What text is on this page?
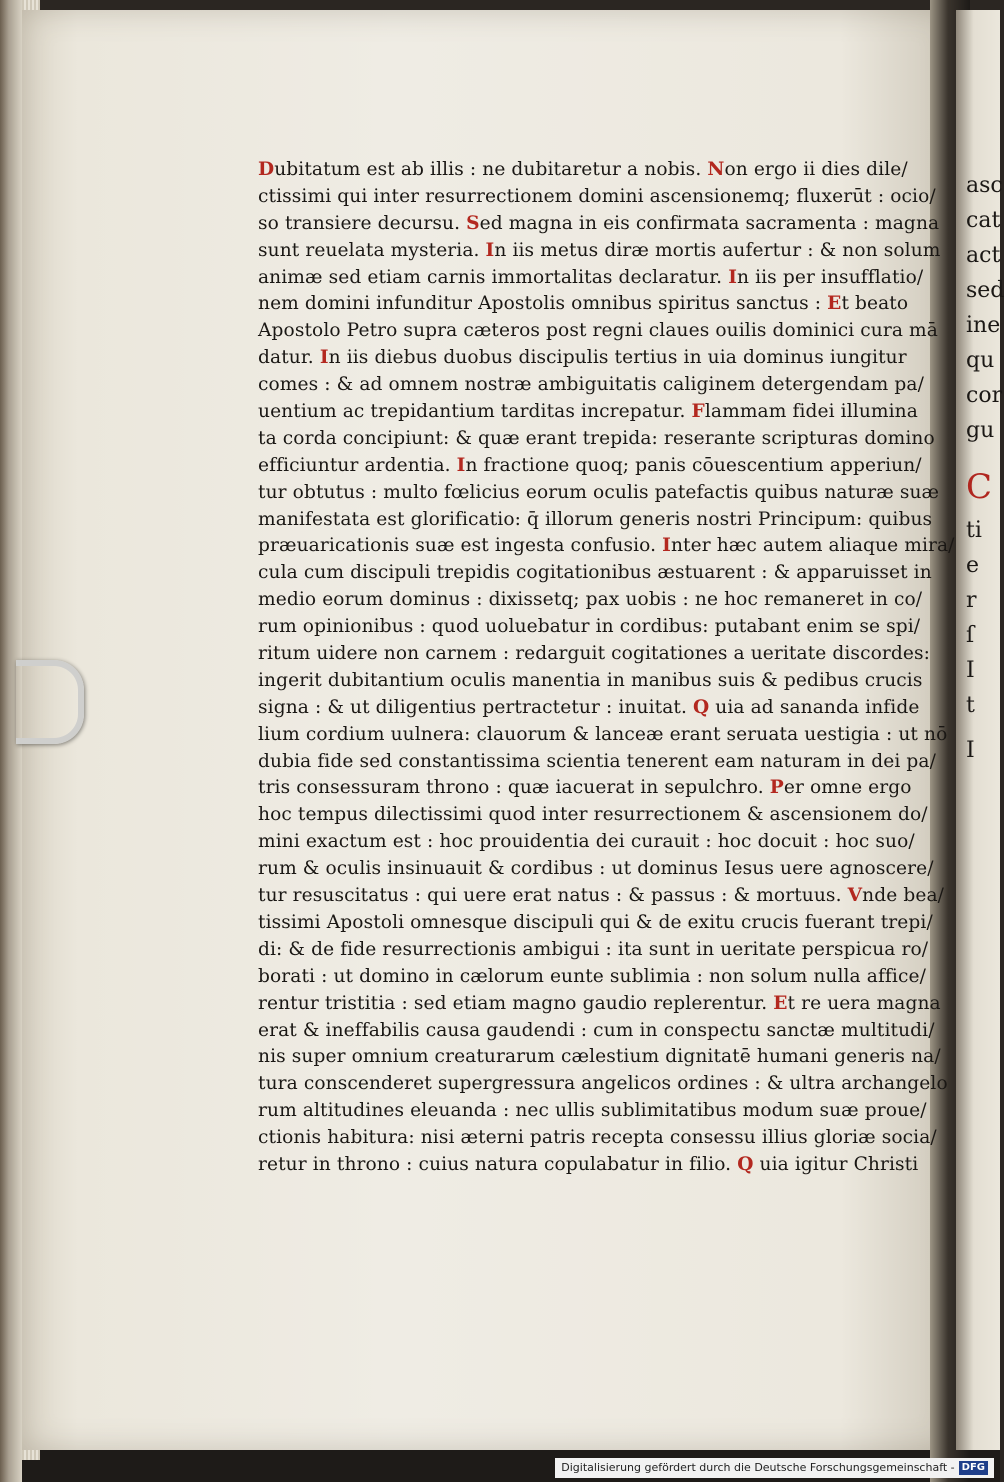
asc
cat
act
sed
ine
qu
cor
gu
C
ti
e
r
ſ
I
t
I
Dubitatum est ab illis : ne dubitaretur a nobis. Non ergo ii dies dile/
ctissimi qui inter resurrectionem domini ascensionemq; fluxerūt : ocio/
so transiere decursu. Sed magna in eis confirmata sacramenta : magna
sunt reuelata mysteria. In iis metus diræ mortis aufertur : & non solum
animæ sed etiam carnis immortalitas declaratur. In iis per insufflatio/
nem domini infunditur Apostolis omnibus spiritus sanctus : Et beato
Apostolo Petro supra cæteros post regni claues ouilis dominici cura mā
datur. In iis diebus duobus discipulis tertius in uia dominus iungitur
comes : & ad omnem nostræ ambiguitatis caliginem detergendam pa/
uentium ac trepidantium tarditas increpatur. Flammam fidei illumina
ta corda concipiunt: & quæ erant trepida: reserante scripturas domino
efficiuntur ardentia. In fractione quoq; panis cōuescentium apperiun/
tur obtutus : multo fœlicius eorum oculis patefactis quibus naturæ suæ
manifestata est glorificatio: q̄ illorum generis nostri Principum: quibus
præuaricationis suæ est ingesta confusio. Inter hæc autem aliaque mira/
cula cum discipuli trepidis cogitationibus æstuarent : & apparuisset in
medio eorum dominus : dixissetq; pax uobis : ne hoc remaneret in co/
rum opinionibus : quod uoluebatur in cordibus: putabant enim se spi/
ritum uidere non carnem : redarguit cogitationes a ueritate discordes:
ingerit dubitantium oculis manentia in manibus suis & pedibus crucis
signa : & ut diligentius pertractetur : inuitat. Q uia ad sananda infide
lium cordium uulnera: clauorum & lanceæ erant seruata uestigia : ut nō
dubia fide sed constantissima scientia tenerent eam naturam in dei pa/
tris consessuram throno : quæ iacuerat in sepulchro. Per omne ergo
hoc tempus dilectissimi quod inter resurrectionem & ascensionem do/
mini exactum est : hoc prouidentia dei curauit : hoc docuit : hoc suo/
rum & oculis insinuauit & cordibus : ut dominus Iesus uere agnoscere/
tur resuscitatus : qui uere erat natus : & passus : & mortuus. Vnde bea/
tissimi Apostoli omnesque discipuli qui & de exitu crucis fuerant trepi/
di: & de fide resurrectionis ambigui : ita sunt in ueritate perspicua ro/
borati : ut domino in cælorum eunte sublimia : non solum nulla affice/
rentur tristitia : sed etiam magno gaudio replerentur. Et re uera magna
erat & ineffabilis causa gaudendi : cum in conspectu sanctæ multitudi/
nis super omnium creaturarum cælestium dignitatē humani generis na/
tura conscenderet supergressura angelicos ordines : & ultra archangelo
rum altitudines eleuanda : nec ullis sublimitatibus modum suæ proue/
ctionis habitura: nisi æterni patris recepta consessu illius gloriæ socia/
retur in throno : cuius natura copulabatur in filio. Q uia igitur Christi
Digitalisierung gefördert durch die Deutsche Forschungsgemeinschaft - DFG
